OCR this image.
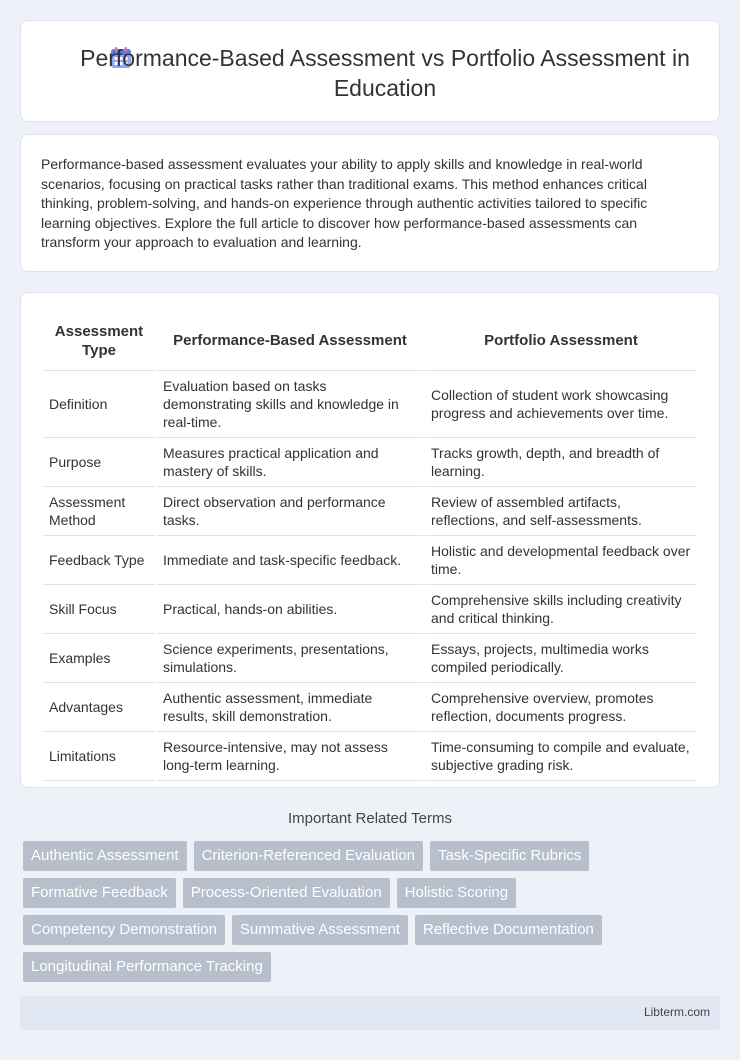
Performance-Based Assessment vs Portfolio Assessment in Education

Performance-based assessment evaluates your ability to apply skills and knowledge in real-world scenarios, focusing on practical tasks rather than traditional exams. This method enhances critical thinking, problem-solving, and hands-on experience through authentic activities tailored to specific learning objectives. Explore the full article to discover how performance-based assessments can transform your approach to evaluation and learning.

Assessment Type	Performance-Based Assessment	Portfolio Assessment
Definition	Evaluation based on tasks demonstrating skills and knowledge in real-time.	Collection of student work showcasing progress and achievements over time.
Purpose	Measures practical application and mastery of skills.	Tracks growth, depth, and breadth of learning.
Assessment Method	Direct observation and performance tasks.	Review of assembled artifacts, reflections, and self-assessments.
Feedback Type	Immediate and task-specific feedback.	Holistic and developmental feedback over time.
Skill Focus	Practical, hands-on abilities.	Comprehensive skills including creativity and critical thinking.
Examples	Science experiments, presentations, simulations.	Essays, projects, multimedia works compiled periodically.
Advantages	Authentic assessment, immediate results, skill demonstration.	Comprehensive overview, promotes reflection, documents progress.
Limitations	Resource-intensive, may not assess long-term learning.	Time-consuming to compile and evaluate, subjective grading risk.
Important Related Terms
Authentic Assessment	Criterion-Referenced Evaluation	Task-Specific Rubrics
Formative Feedback	Process-Oriented Evaluation	Holistic Scoring
Competency Demonstration	Summative Assessment	Reflective Documentation
Longitudinal Performance Tracking
Libterm.com
